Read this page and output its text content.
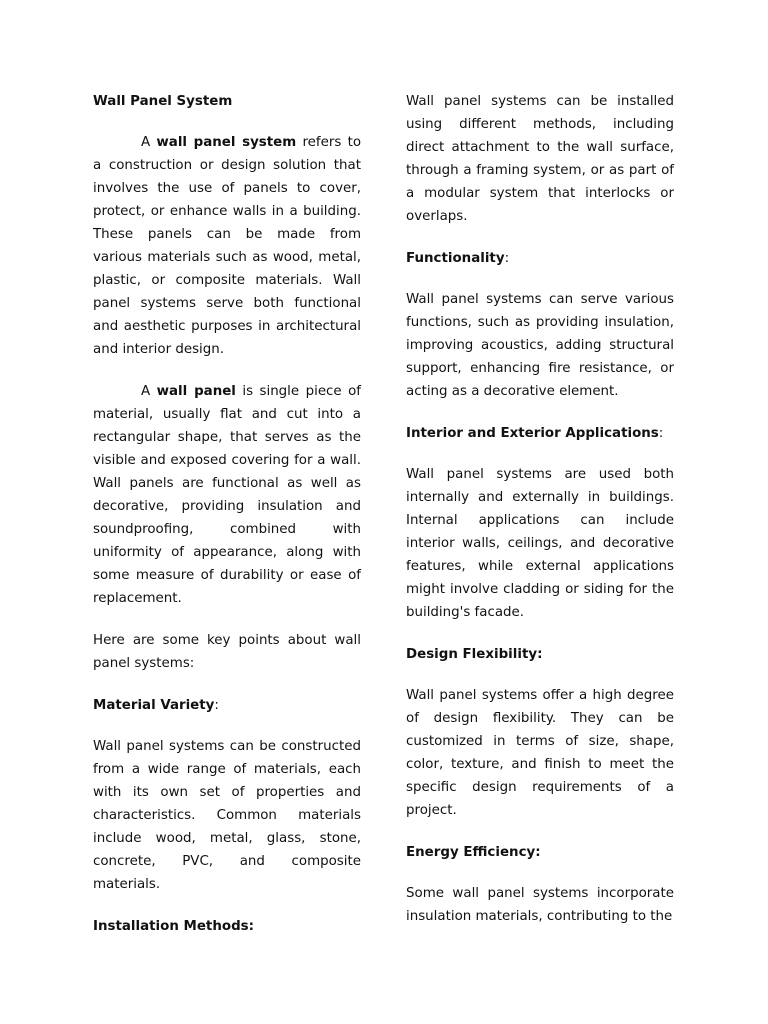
Wall Panel System

A wall panel system refers to a construction or design solution that involves the use of panels to cover, protect, or enhance walls in a building. These panels can be made from various materials such as wood, metal, plastic, or composite materials. Wall panel systems serve both functional and aesthetic purposes in architectural and interior design.

A wall panel is single piece of material, usually flat and cut into a rectangular shape, that serves as the visible and exposed covering for a wall. Wall panels are functional as well as decorative, providing insulation and soundproofing, combined with uniformity of appearance, along with some measure of durability or ease of replacement.

Here are some key points about wall panel systems:

Material Variety:

Wall panel systems can be constructed from a wide range of materials, each with its own set of properties and characteristics. Common materials include wood, metal, glass, stone, concrete, PVC, and composite materials.

Installation Methods:

Wall panel systems can be installed using different methods, including direct attachment to the wall surface, through a framing system, or as part of a modular system that interlocks or overlaps.

Functionality:

Wall panel systems can serve various functions, such as providing insulation, improving acoustics, adding structural support, enhancing fire resistance, or acting as a decorative element.

Interior and Exterior Applications:

Wall panel systems are used both internally and externally in buildings. Internal applications can include interior walls, ceilings, and decorative features, while external applications might involve cladding or siding for the building's facade.

Design Flexibility:

Wall panel systems offer a high degree of design flexibility. They can be customized in terms of size, shape, color, texture, and finish to meet the specific design requirements of a project.

Energy Efficiency:

Some wall panel systems incorporate insulation materials, contributing to the
